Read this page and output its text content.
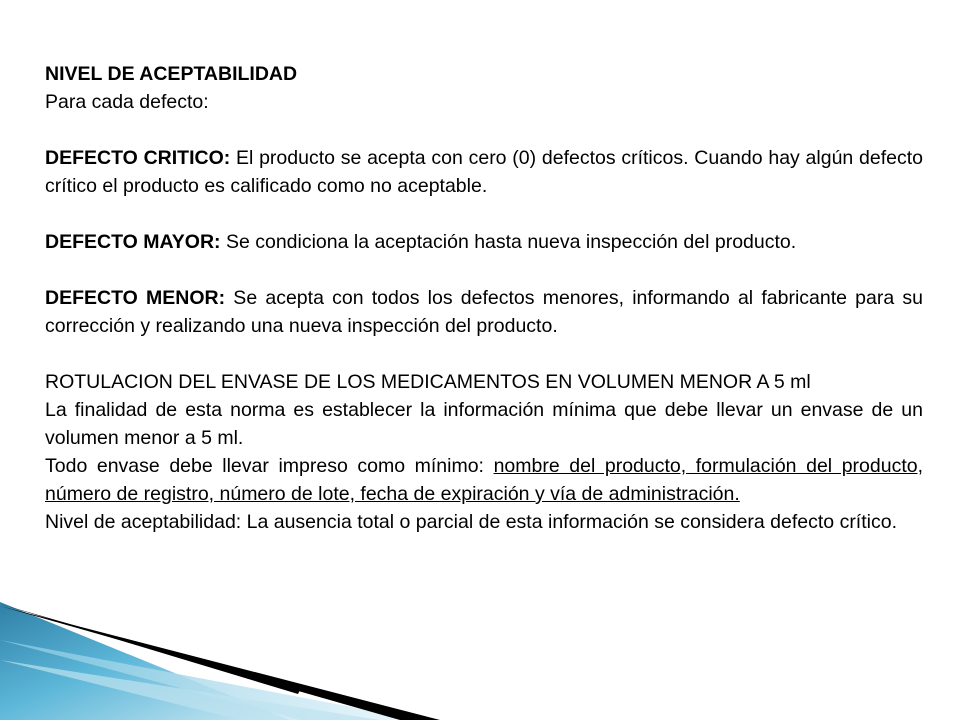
NIVEL DE ACEPTABILIDAD

Para cada defecto:

DEFECTO CRITICO: El producto se acepta con cero (0) defectos críticos. Cuando hay algún defecto crítico el producto es calificado como no aceptable.

DEFECTO MAYOR: Se condiciona la aceptación hasta nueva inspección del producto.

DEFECTO MENOR: Se acepta con todos los defectos menores, informando al fabricante para su corrección y realizando una nueva inspección del producto.

ROTULACION DEL ENVASE DE LOS MEDICAMENTOS EN VOLUMEN MENOR A 5 ml

La finalidad de esta norma es establecer la información mínima que debe llevar un envase de un volumen menor a 5 ml.

Todo envase debe llevar impreso como mínimo: nombre del producto, formulación del producto, número de registro, número de lote, fecha de expiración y vía de administración.

Nivel de aceptabilidad: La ausencia total o parcial de esta información se considera defecto crítico.
